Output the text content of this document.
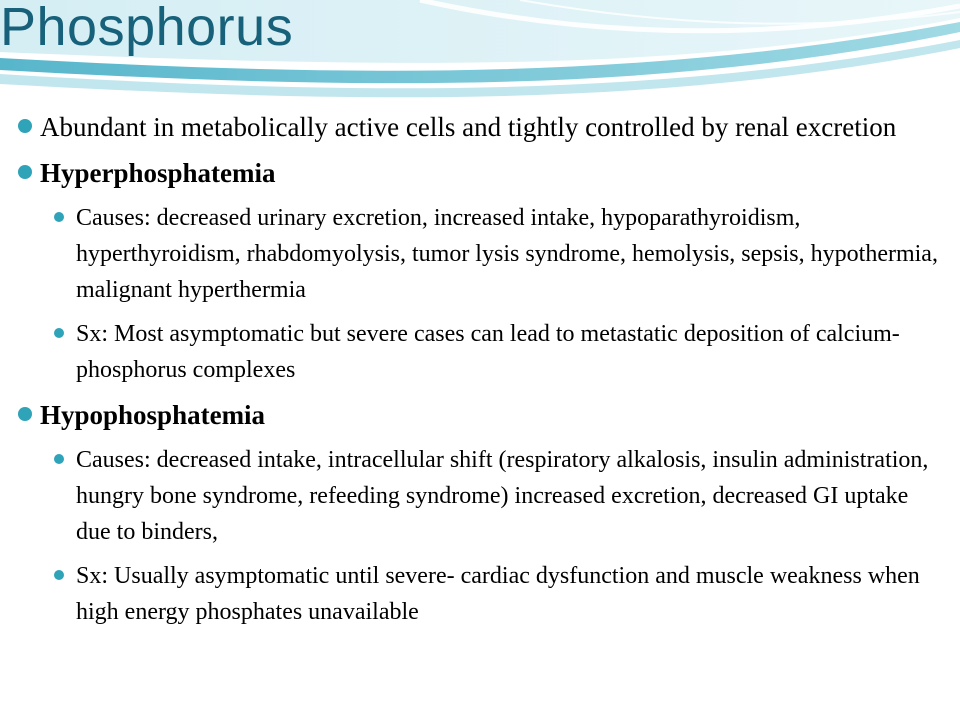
Phosphorus
Abundant in metabolically active cells and tightly controlled by renal excretion
Hyperphosphatemia
Causes: decreased urinary excretion, increased intake, hypoparathyroidism, hyperthyroidism, rhabdomyolysis, tumor lysis syndrome, hemolysis, sepsis, hypothermia, malignant hyperthermia
Sx: Most asymptomatic but severe cases can lead to metastatic deposition of calcium-phosphorus complexes
Hypophosphatemia
Causes: decreased intake, intracellular shift (respiratory alkalosis, insulin administration, hungry bone syndrome, refeeding syndrome) increased excretion, decreased GI uptake due to binders,
Sx: Usually asymptomatic until severe- cardiac dysfunction and muscle weakness when high energy phosphates unavailable
